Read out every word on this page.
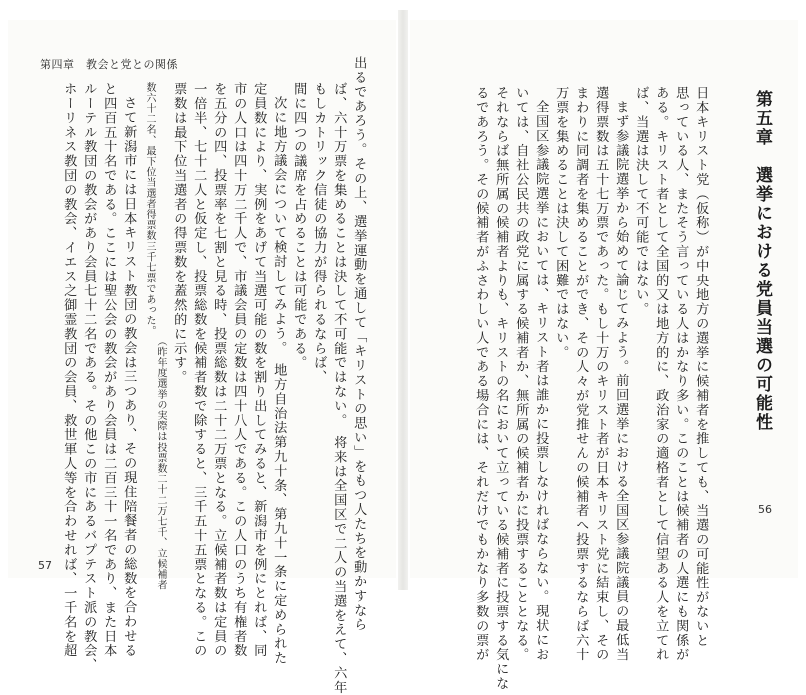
第四章　教会と党との関係	出るであろう。その上、選挙運動を通して「キリストの思い」をもつ人たちを動かすなら
ば、六十万票を集めることは決して不可能ではない。　将来は全国区で二人の当選をえて、六年
もしカトリック信徒の協力が得られるならば、
間に四つの議席を占めることは可能である。
次に地方議会について検討してみよう。　地方自治法第九十条、第九十一条に定められた
定員数により、実例をあげて当選可能の数を割り出してみると、新潟市を例にとれば、同
市の人口は四十万二千人で、市議会員の定数は四十八人である。この人口のうち有権者数
を五分の四、投票率を七割と見る時、投票総数は二十二万票となる。立候補者数は定員の
一倍半、七十二人と仮定し、投票総数を候補者数で除すると、三千五十五票となる。この
票数は最下位当選者の得票数を蓋然的に示す。
（昨年度選挙の実際は投票数二十二万七千、立候補者
数六十二名、最下位当選者得票数三千七票であった。
さて新潟市には日本キリスト教団の教会は三つあり、その現住陪餐者の総数を合わせる
と四百五十名である。ここには聖公会の教会があり会員は二百三十一名であり、また日本
ルーテル教団の教会があり会員七十二名である。その他この市にあるバプテスト派の教会、
ホーリネス教団の教会、イエス之御霊教団の会員、救世軍人等を合わせれば、一千名を超
57
第五章　選挙における党員当選の可能性
日本キリスト党（仮称）が中央地方の選挙に候補者を推しても、当選の可能性がないと
思っている人、またそう言っている人はかなり多い。このことは候補者の人選にも関係が
ある。キリスト者として全国的又は地方的に、政治家の適格者として信望ある人を立てれ
ば、当選は決して不可能ではない。
まず参議院選挙から始めて論じてみよう。前回選挙における全国区参議院議員の最低当
選得票数は五十七万票であった。もし十万のキリスト者が日本キリスト党に結束し、その
まわりに同調者を集めることができ、その人々が党推せんの候補者へ投票するならば六十
万票を集めることは決して困難ではない。
全国区参議院選挙においては、キリスト者は誰かに投票しなければならない。現状にお
いては、自社公民共の政党に属する候補者か、無所属の候補者かに投票することとなる。
それならば無所属の候補者よりも、キリストの名において立っている候補者に投票する気にな
るであろう。その候補者がふさわしい人である場合には、それだけでもかなり多数の票が	56
